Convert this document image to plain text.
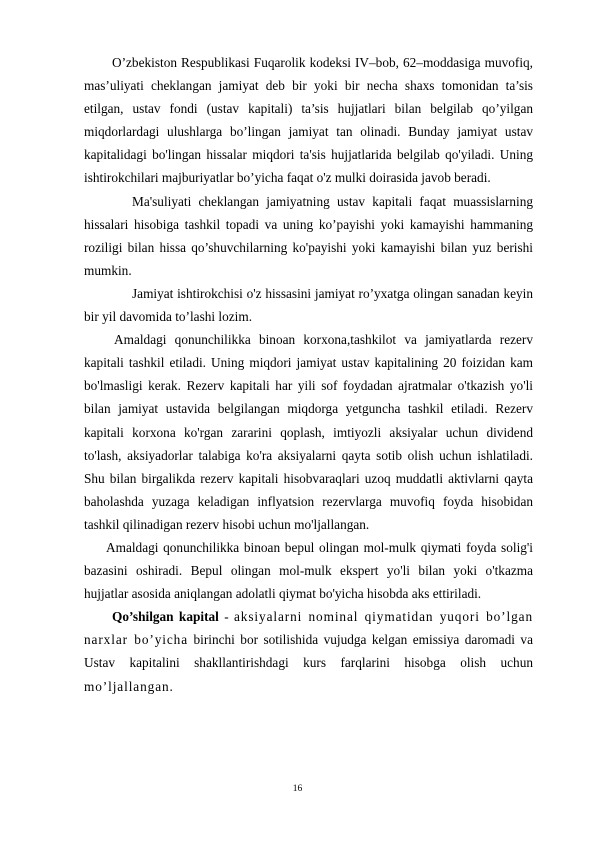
O’zbekiston Respublikasi Fuqarolik kodeksi IV–bob, 62–moddasiga muvofiq, mas’uliyati cheklangan jamiyat deb bir yoki bir necha shaxs tomonidan ta’sis etilgan, ustav fondi (ustav kapitali) ta’sis hujjatlari bilan belgilab qo’yilgan miqdorlardagi ulushlarga bo’lingan jamiyat tan olinadi. Bunday jamiyat ustav kapitalidagi bo'lingan hissalar miqdori ta'sis hujjatlarida belgilab qo'yiladi. Uning ishtirokchilari majburiyatlar bo’yicha faqat o'z mulki doirasida javob beradi.

Ma'suliyati cheklangan jamiyatning ustav kapitali faqat muassislarning hissalari hisobiga tashkil topadi va uning ko’payishi yoki kamayishi hammaning roziligi bilan hissa qo’shuvchilarning ko'payishi yoki kamayishi bilan yuz berishi mumkin.

Jamiyat ishtirokchisi o'z hissasini jamiyat ro’yxatga olingan sanadan keyin bir yil davomida to’lashi lozim.

Amaldagi qonunchilikka binoan korxona,tashkilot va jamiyatlarda rezerv kapitali tashkil etiladi. Uning miqdori jamiyat ustav kapitalining 20 foizidan kam bo'lmasligi kerak. Rezerv kapitali har yili sof foydadan ajratmalar o'tkazish yo'li bilan jamiyat ustavida belgilangan miqdorga yetguncha tashkil etiladi. Rezerv kapitali korxona ko'rgan zararini qoplash, imtiyozli aksiyalar uchun dividend to'lash, aksiyadorlar talabiga ko'ra aksiyalarni qayta sotib olish uchun ishlatiladi. Shu bilan birgalikda rezerv kapitali hisobvaraqlari uzoq muddatli aktivlarni qayta baholashda yuzaga keladigan inflyatsion rezervlarga muvofiq foyda hisobidan tashkil qilinadigan rezerv hisobi uchun mo'ljallangan.

Amaldagi qonunchilikka binoan bepul olingan mol-mulk qiymati foyda solig'i bazasini oshiradi. Bepul olingan mol-mulk ekspert yo'li bilan yoki o'tkazma hujjatlar asosida aniqlangan adolatli qiymat bo'yicha hisobda aks ettiriladi.

Qo’shilgan kapital - aksiyalarni nominal qiymatidan yuqori bo’lgan narxlar bo’yicha birinchi bor sotilishida vujudga kelgan emissiya daromadi va Ustav kapitalini shakllantirishdagi kurs farqlarini hisobga olish uchun mo’ljallangan.

16
